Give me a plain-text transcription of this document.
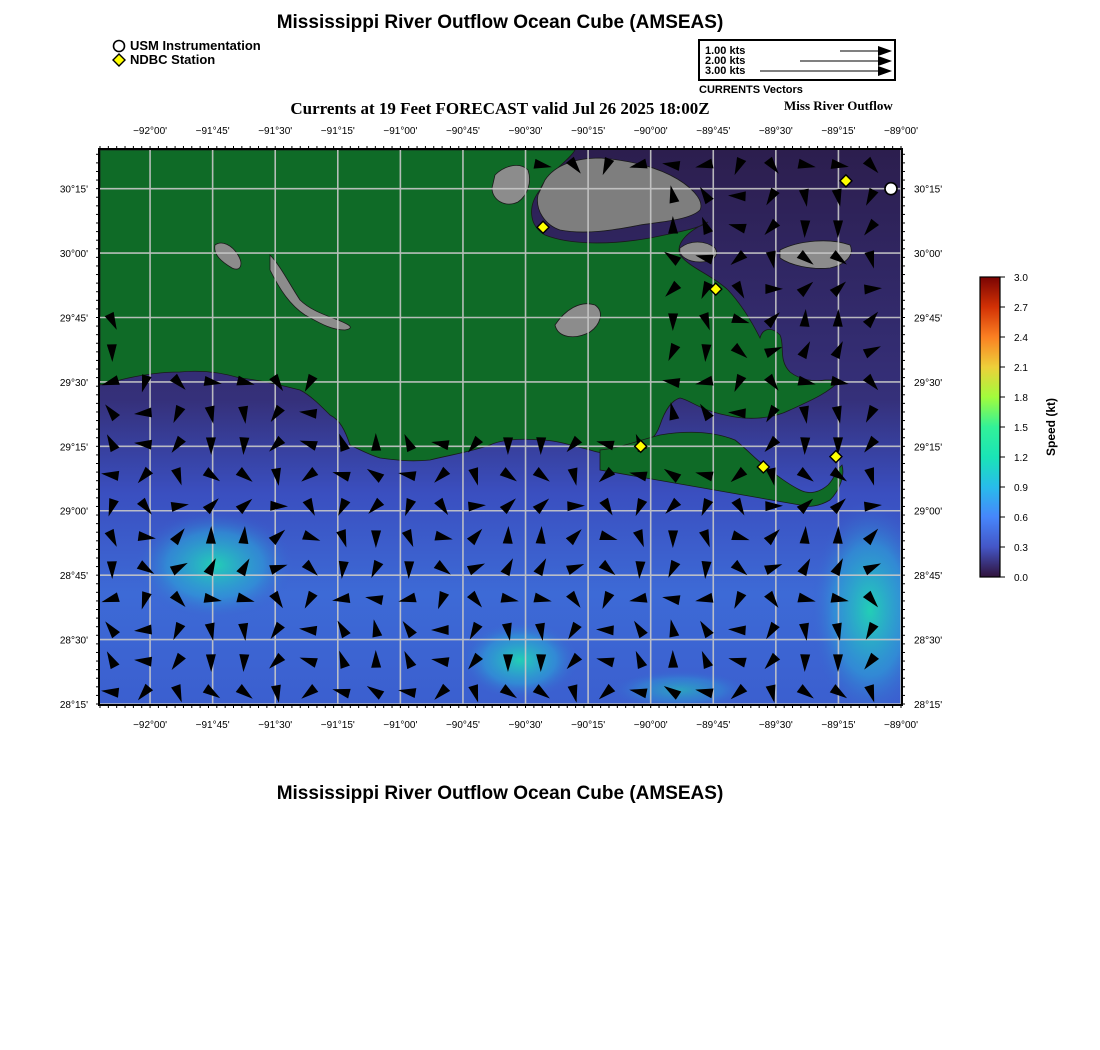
Mississippi River Outflow Ocean Cube (AMSEAS)
USM Instrumentation
NDBC Station
1.00 kts
2.00 kts
3.00 kts
CURRENTS Vectors
Currents at 19 Feet FORECAST valid Jul 26 2025 18:00Z	Miss River Outflow
−92°00'	−91°45'	−91°30'	−91°15'	−91°00'	−90°45'	−90°30'	−90°15'	−90°00'	−89°45'	−89°30'	−89°15'	−89°00'
−92°00'	−91°45'	−91°30'	−91°15'	−91°00'	−90°45'	−90°30'	−90°15'	−90°00'	−89°45'	−89°30'	−89°15'	−89°00'
30°15'
30°00'
29°45'
29°30'
29°15'
29°00'
28°45'
28°30'
28°15'
30°15'
30°00'
29°45'
29°30'
29°15'
29°00'
28°45'
28°30'
28°15'
3.0
2.7
2.4
2.1
1.8
1.5
1.2
0.9
0.6
0.3
0.0
Speed (kt)
Mississippi River Outflow Ocean Cube (AMSEAS)
